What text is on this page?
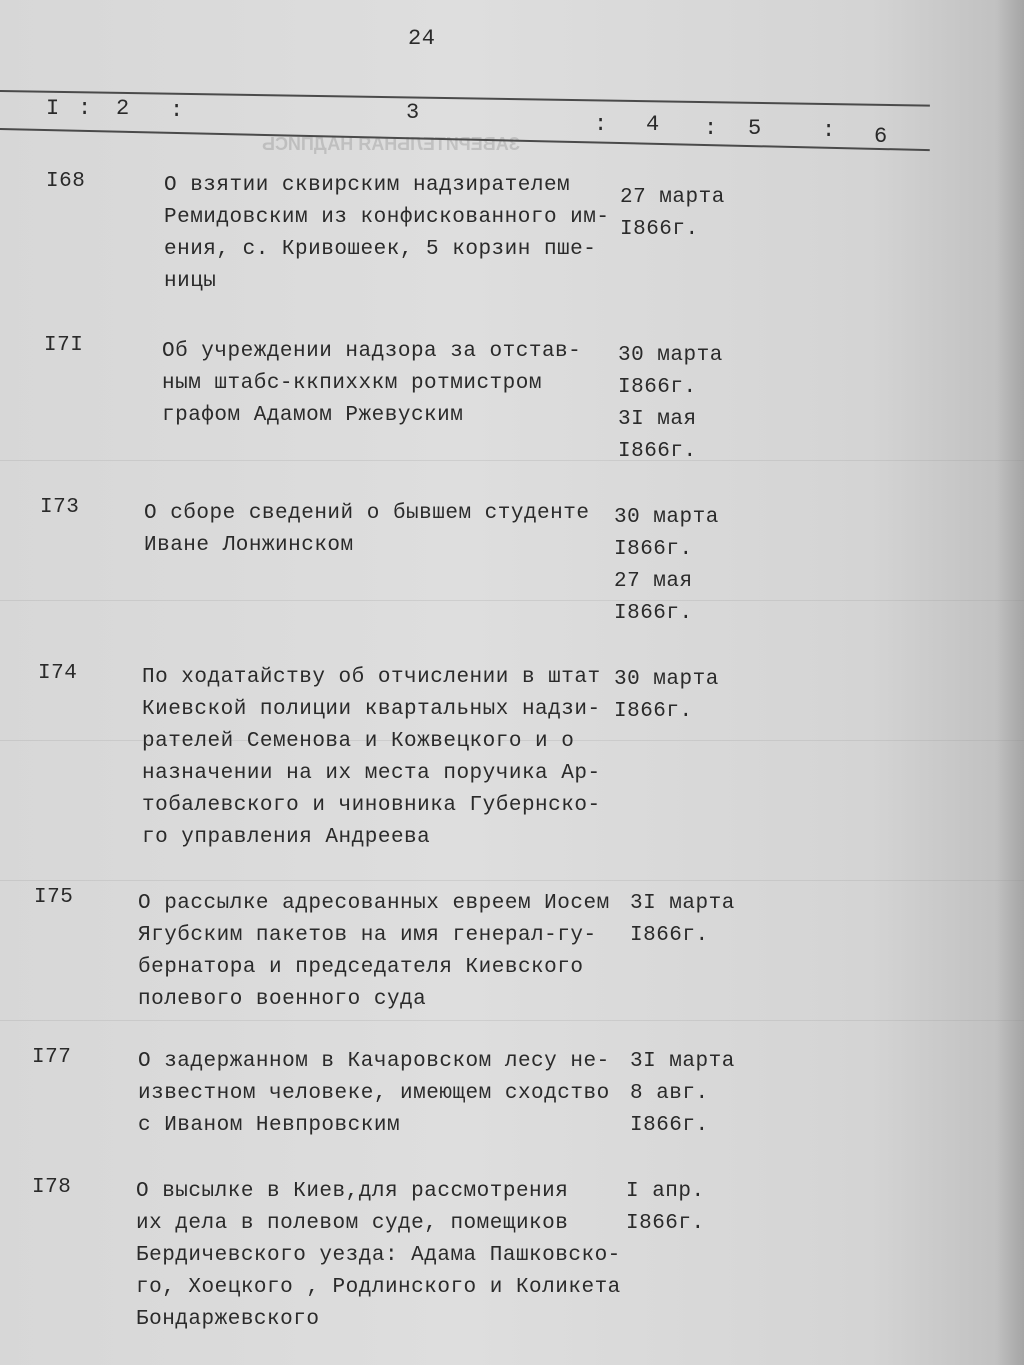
ЗАВЕРИТЕЛЬНАЯ НАДПИСЬ
24
I : 2 :	3	: 4 : 5	: 6
I68	О взятии сквирским надзирателем
Ремидовским из конфискованного им-
ения, с. Кривошеек, 5 корзин пше-
ницы
27 марта
I866г.
I7I	Об учреждении надзора за отстав-
ным штабс-ккпиххкм ротмистром
графом Адамом Ржевуским
30 марта
I866г.
3I мая
I866г.
I73	О сборе сведений о бывшем студенте
Иване Лонжинском
30 марта
I866г.
27 мая
I866г.
I74	По ходатайству об отчислении в штат
Киевской полиции квартальных надзи-
рателей Семенова и Кожвецкого и о
назначении на их места поручика Ар-
тобалевского и чиновника Губернско-
го управления Андреева
30 марта
I866г.
I75	О рассылке адресованных евреем Иосем
Ягубским пакетов на имя генерал-гу-
бернатора и председателя Киевского
полевого военного суда
3I марта
I866г.
I77	О задержанном в Качаровском лесу не-
известном человеке, имеющем сходство
с Иваном Невпровским
3I марта
8 авг.
I866г.
I78	О высылке в Киев,для рассмотрения
их дела в полевом суде, помещиков
Бердичевского уезда: Адама Пашковско-
го, Хоецкого , Родлинского и Коликета
Бондаржевского
I апр.
I866г.
